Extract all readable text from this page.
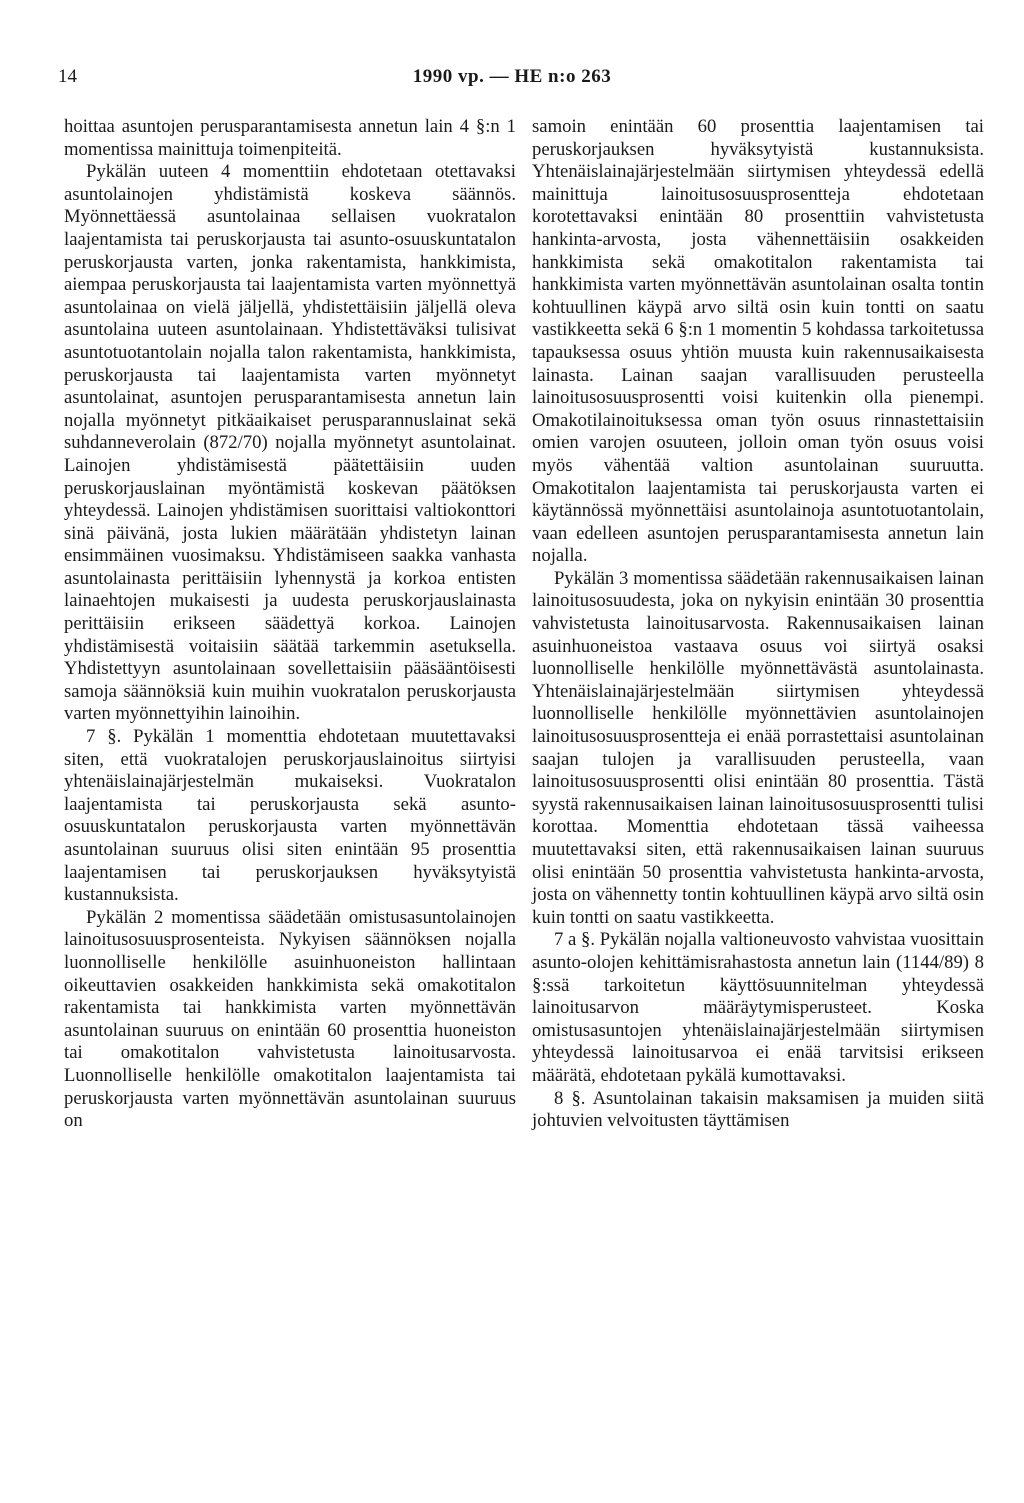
14	1990 vp. — HE n:o 263

hoittaa asuntojen perusparantamisesta annetun lain 4 §:n 1 momentissa mainittuja toimenpiteitä.

Pykälän uuteen 4 momenttiin ehdotetaan otettavaksi asuntolainojen yhdistämistä koskeva säännös. Myönnettäessä asuntolainaa sellaisen vuokratalon laajentamista tai peruskorjausta tai asunto-osuuskuntatalon peruskorjausta varten, jonka rakentamista, hankkimista, aiempaa peruskorjausta tai laajentamista varten myönnettyä asuntolainaa on vielä jäljellä, yhdistettäisiin jäljellä oleva asuntolaina uuteen asuntolainaan. Yhdistettäväksi tulisivat asuntotuotantolain nojalla talon rakentamista, hankkimista, peruskorjausta tai laajentamista varten myönnetyt asuntolainat, asuntojen perusparantamisesta annetun lain nojalla myönnetyt pitkäaikaiset perusparannuslainat sekä suhdanneverolain (872/70) nojalla myönnetyt asuntolainat. Lainojen yhdistämisestä päätettäisiin uuden peruskorjauslainan myöntämistä koskevan päätöksen yhteydessä. Lainojen yhdistämisen suorittaisi valtiokonttori sinä päivänä, josta lukien määrätään yhdistetyn lainan ensimmäinen vuosimaksu. Yhdistämiseen saakka vanhasta asuntolainasta perittäisiin lyhennystä ja korkoa entisten lainaehtojen mukaisesti ja uudesta peruskorjauslainasta perittäisiin erikseen säädettyä korkoa. Lainojen yhdistämisestä voitaisiin säätää tarkemmin asetuksella. Yhdistettyyn asuntolainaan sovellettaisiin pääsääntöisesti samoja säännöksiä kuin muihin vuokratalon peruskorjausta varten myönnettyihin lainoihin.

7 §. Pykälän 1 momenttia ehdotetaan muutettavaksi siten, että vuokratalojen peruskorjauslainoitus siirtyisi yhtenäislainajärjestelmän mukaiseksi. Vuokratalon laajentamista tai peruskorjausta sekä asunto-osuuskuntatalon peruskorjausta varten myönnettävän asuntolainan suuruus olisi siten enintään 95 prosenttia laajentamisen tai peruskorjauksen hyväksytyistä kustannuksista.

Pykälän 2 momentissa säädetään omistusasuntolainojen lainoitusosuusprosenteista. Nykyisen säännöksen nojalla luonnolliselle henkilölle asuinhuoneiston hallintaan oikeuttavien osakkeiden hankkimista sekä omakotitalon rakentamista tai hankkimista varten myönnettävän asuntolainan suuruus on enintään 60 prosenttia huoneiston tai omakotitalon vahvistetusta lainoitusarvosta. Luonnolliselle henkilölle omakotitalon laajentamista tai peruskorjausta varten myönnettävän asuntolainan suuruus on

samoin enintään 60 prosenttia laajentamisen tai peruskorjauksen hyväksytyistä kustannuksista. Yhtenäislainajärjestelmään siirtymisen yhteydessä edellä mainittuja lainoitusosuusprosentteja ehdotetaan korotettavaksi enintään 80 prosenttiin vahvistetusta hankinta-arvosta, josta vähennettäisiin osakkeiden hankkimista sekä omakotitalon rakentamista tai hankkimista varten myönnettävän asuntolainan osalta tontin kohtuullinen käypä arvo siltä osin kuin tontti on saatu vastikkeetta sekä 6 §:n 1 momentin 5 kohdassa tarkoitetussa tapauksessa osuus yhtiön muusta kuin rakennusaikaisesta lainasta. Lainan saajan varallisuuden perusteella lainoitusosuusprosentti voisi kuitenkin olla pienempi. Omakotilainoituksessa oman työn osuus rinnastettaisiin omien varojen osuuteen, jolloin oman työn osuus voisi myös vähentää valtion asuntolainan suuruutta. Omakotitalon laajentamista tai peruskorjausta varten ei käytännössä myönnettäisi asuntolainoja asuntotuotantolain, vaan edelleen asuntojen perusparantamisesta annetun lain nojalla.

Pykälän 3 momentissa säädetään rakennusaikaisen lainan lainoitusosuudesta, joka on nykyisin enintään 30 prosenttia vahvistetusta lainoitusarvosta. Rakennusaikaisen lainan asuinhuoneistoa vastaava osuus voi siirtyä osaksi luonnolliselle henkilölle myönnettävästä asuntolainasta. Yhtenäislainajärjestelmään siirtymisen yhteydessä luonnolliselle henkilölle myönnettävien asuntolainojen lainoitusosuusprosentteja ei enää porrastettaisi asuntolainan saajan tulojen ja varallisuuden perusteella, vaan lainoitusosuusprosentti olisi enintään 80 prosenttia. Tästä syystä rakennusaikaisen lainan lainoitusosuusprosentti tulisi korottaa. Momenttia ehdotetaan tässä vaiheessa muutettavaksi siten, että rakennusaikaisen lainan suuruus olisi enintään 50 prosenttia vahvistetusta hankinta-arvosta, josta on vähennetty tontin kohtuullinen käypä arvo siltä osin kuin tontti on saatu vastikkeetta.

7 a §. Pykälän nojalla valtioneuvosto vahvistaa vuosittain asunto-olojen kehittämisrahastosta annetun lain (1144/89) 8 §:ssä tarkoitetun käyttösuunnitelman yhteydessä lainoitusarvon määräytymisperusteet. Koska omistusasuntojen yhtenäislainajärjestelmään siirtymisen yhteydessä lainoitusarvoa ei enää tarvitsisi erikseen määrätä, ehdotetaan pykälä kumottavaksi.

8 §. Asuntolainan takaisin maksamisen ja muiden siitä johtuvien velvoitusten täyttämisen
